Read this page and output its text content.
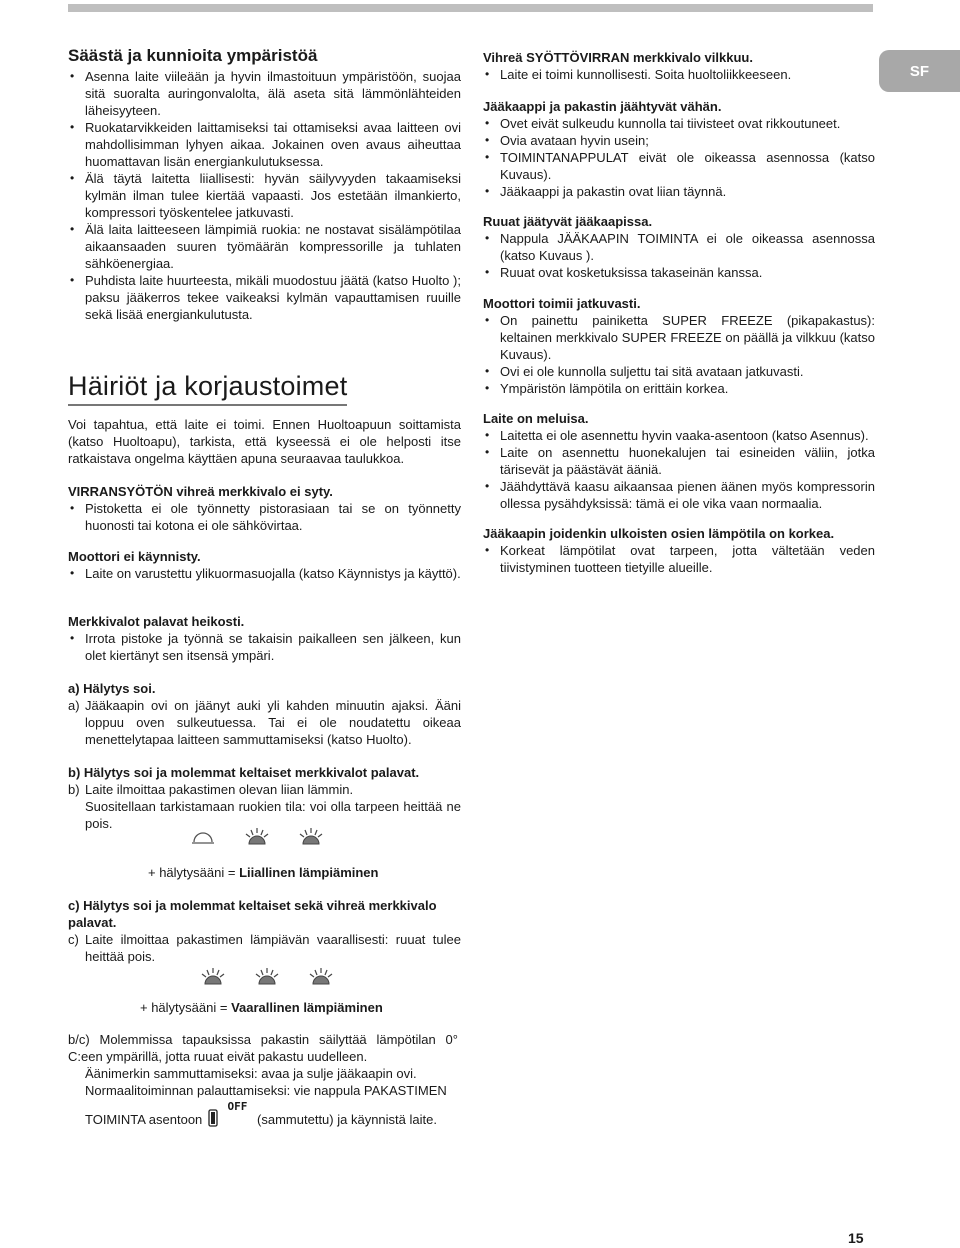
SF
Säästä ja kunnioita ympäristöä
• Asenna laite viileään ja hyvin ilmastoituun ympäristöön, suojaa sitä suoralta auringonvalolta, älä aseta sitä lämmönlähteiden läheisyyteen.
• Ruokatarvikkeiden laittamiseksi tai ottamiseksi avaa laitteen ovi mahdollisimman lyhyen aikaa. Jokainen oven avaus aiheuttaa huomattavan lisän energiankulutuksessa.
• Älä täytä laitetta liiallisesti: hyvän säilyvyyden takaamiseksi kylmän ilman tulee kiertää vapaasti. Jos estetään ilmankierto, kompressori työskentelee jatkuvasti.
• Älä laita laitteeseen lämpimiä ruokia: ne nostavat sisälämpötilaa aikaansaaden suuren työmäärän kompressorille ja tuhlaten sähköenergiaa.
• Puhdista laite huurteesta, mikäli muodostuu jäätä (katso Huolto ); paksu jääkerros tekee vaikeaksi kylmän vapauttamisen ruuille sekä lisää energiankulutusta.
Häiriöt ja korjaustoimet

Voi tapahtua, että laite ei toimi. Ennen Huoltoapuun soittamista (katso Huoltoapu), tarkista, että kyseessä ei ole helposti itse ratkaistava ongelma käyttäen apuna seuraavaa taulukkoa.

VIRRANSYÖTÖN vihreä merkkivalo ei syty.
• Pistoketta ei ole työnnetty pistorasiaan tai se on työnnetty huonosti tai kotona ei ole sähkövirtaa.
Moottori ei käynnisty.
• Laite on varustettu ylikuormasuojalla (katso Käynnistys ja käyttö).
Merkkivalot palavat heikosti.
• Irrota pistoke ja työnnä se takaisin paikalleen sen jälkeen, kun olet kiertänyt sen itsensä ympäri.
a) Hälytys soi.
a) Jääkaapin ovi on jäänyt auki yli kahden minuutin ajaksi. Ääni loppuu oven sulkeutuessa. Tai ei ole noudatettu oikeaa menettelytapaa laitteen sammuttamiseksi (katso Huolto).
b) Hälytys soi ja molemmat keltaiset merkkivalot palavat.
b) Laite ilmoittaa pakastimen olevan liian lämmin.

Suositellaan tarkistamaan ruokien tila: voi olla tarpeen heittää ne pois.

+ hälytysääni = Liiallinen lämpiäminen
c) Hälytys soi ja molemmat keltaiset sekä vihreä merkkivalo palavat.
c) Laite ilmoittaa pakastimen lämpiävän vaarallisesti: ruuat tulee heittää pois.
+ hälytysääni = Vaarallinen lämpiäminen
b/c) Molemmissa tapauksissa pakastin säilyttää lämpötilan 0° C:een ympärillä, jotta ruuat eivät pakastu uudelleen.

Äänimerkin sammuttamiseksi: avaa ja sulje jääkaapin ovi.

Normaalitoiminnan palauttamiseksi: vie nappula PAKASTIMEN

TOIMINTA asentoon  $^{OFF}$ (sammutettu) ja käynnistä laite.

Vihreä SYÖTTÖVIRRAN merkkivalo vilkkuu.
• Laite ei toimi kunnollisesti. Soita huoltoliikkeeseen.
Jääkaappi ja pakastin jäähtyvät vähän.
• Ovet eivät sulkeudu kunnolla tai tiivisteet ovat rikkoutuneet.
• Ovia avataan hyvin usein;
• TOIMINTANAPPULAT eivät ole oikeassa asennossa (katso Kuvaus).
• Jääkaappi ja pakastin ovat liian täynnä.
Ruuat jäätyvät jääkaapissa.
• Nappula JÄÄKAAPIN TOIMINTA ei ole oikeassa asennossa (katso Kuvaus ).
• Ruuat ovat kosketuksissa takaseinän kanssa.
Moottori toimii jatkuvasti.
• On painettu painiketta SUPER FREEZE (pikapakastus): keltainen merkkivalo SUPER FREEZE on päällä ja vilkkuu (katso Kuvaus).
• Ovi ei ole kunnolla suljettu tai sitä avataan jatkuvasti.
• Ympäristön lämpötila on erittäin korkea.
Laite on meluisa.
• Laitetta ei ole asennettu hyvin vaaka-asentoon (katso Asennus).
• Laite on asennettu huonekalujen tai esineiden väliin, jotka tärisevät ja päästävät ääniä.
• Jäähdyttävä kaasu aikaansaa pienen äänen myös kompressorin ollessa pysähdyksissä: tämä ei ole vika vaan normaalia.
Jääkaapin joidenkin ulkoisten osien lämpötila on korkea.
• Korkeat lämpötilat ovat tarpeen, jotta vältetään veden tiivistyminen tuotteen tietyille alueille.
15
